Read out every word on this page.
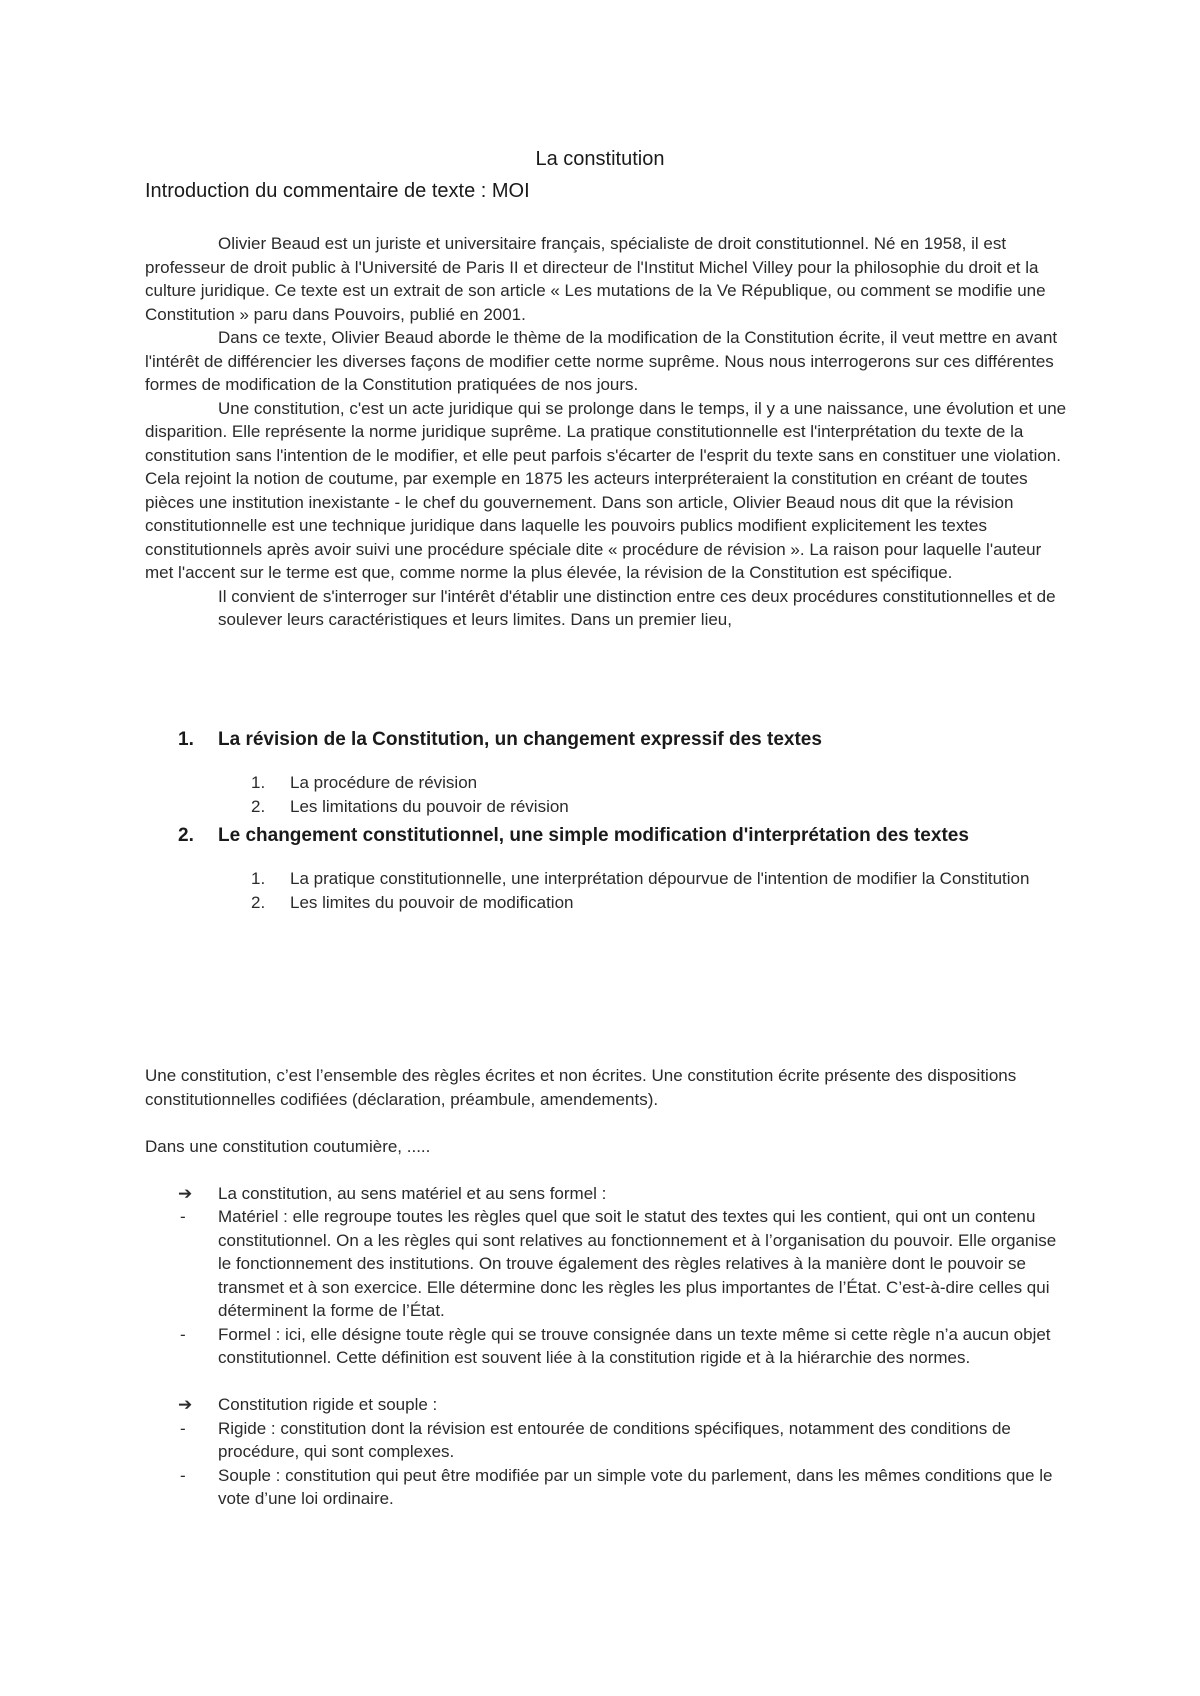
La constitution
Introduction du commentaire de texte : MOI

Olivier Beaud est un juriste et universitaire français, spécialiste de droit constitutionnel. Né en 1958, il est professeur de droit public à l'Université de Paris II et directeur de l'Institut Michel Villey pour la philosophie du droit et la culture juridique. Ce texte est un extrait de son article « Les mutations de la Ve République, ou comment se modifie une Constitution » paru dans Pouvoirs, publié en 2001.

Dans ce texte, Olivier Beaud aborde le thème de la modification de la Constitution écrite, il veut mettre en avant l'intérêt de différencier les diverses façons de modifier cette norme suprême. Nous nous interrogerons sur ces différentes formes de modification de la Constitution pratiquées de nos jours.

Une constitution, c'est un acte juridique qui se prolonge dans le temps, il y a une naissance, une évolution et une disparition. Elle représente la norme juridique suprême. La pratique constitutionnelle est l'interprétation du texte de la constitution sans l'intention de le modifier, et elle peut parfois s'écarter de l'esprit du texte sans en constituer une violation. Cela rejoint la notion de coutume, par exemple en 1875 les acteurs interpréteraient la constitution en créant de toutes pièces une institution inexistante - le chef du gouvernement. Dans son article, Olivier Beaud nous dit que la révision constitutionnelle est une technique juridique dans laquelle les pouvoirs publics modifient explicitement les textes constitutionnels après avoir suivi une procédure spéciale dite « procédure de révision ». La raison pour laquelle l'auteur met l'accent sur le terme est que, comme norme la plus élevée, la révision de la Constitution est spécifique.

Il convient de s'interroger sur l'intérêt d'établir une distinction entre ces deux procédures constitutionnelles et de soulever leurs caractéristiques et leurs limites. Dans un premier lieu,

1.	La révision de la Constitution, un changement expressif des textes
1.	La procédure de révision
2.	Les limitations du pouvoir de révision
2.	Le changement constitutionnel, une simple modification d'interprétation des textes
1.	La pratique constitutionnelle, une interprétation dépourvue de l'intention de modifier la Constitution
2.	Les limites du pouvoir de modification

Une constitution, c’est l’ensemble des règles écrites et non écrites. Une constitution écrite présente des dispositions constitutionnelles codifiées (déclaration, préambule, amendements).

Dans une constitution coutumière, .....

➔	La constitution, au sens matériel et au sens formel :
-	Matériel : elle regroupe toutes les règles quel que soit le statut des textes qui les contient, qui ont un contenu constitutionnel. On a les règles qui sont relatives au fonctionnement et à l’organisation du pouvoir. Elle organise le fonctionnement des institutions. On trouve également des règles relatives à la manière dont le pouvoir se transmet et à son exercice. Elle détermine donc les règles les plus importantes de l’État. C’est-à-dire celles qui déterminent la forme de l’État.
-	Formel : ici, elle désigne toute règle qui se trouve consignée dans un texte même si cette règle n’a aucun objet constitutionnel. Cette définition est souvent liée à la constitution rigide et à la hiérarchie des normes.
➔	Constitution rigide et souple :
-	Rigide : constitution dont la révision est entourée de conditions spécifiques, notamment des conditions de procédure, qui sont complexes.
-	Souple : constitution qui peut être modifiée par un simple vote du parlement, dans les mêmes conditions que le vote d’une loi ordinaire.
